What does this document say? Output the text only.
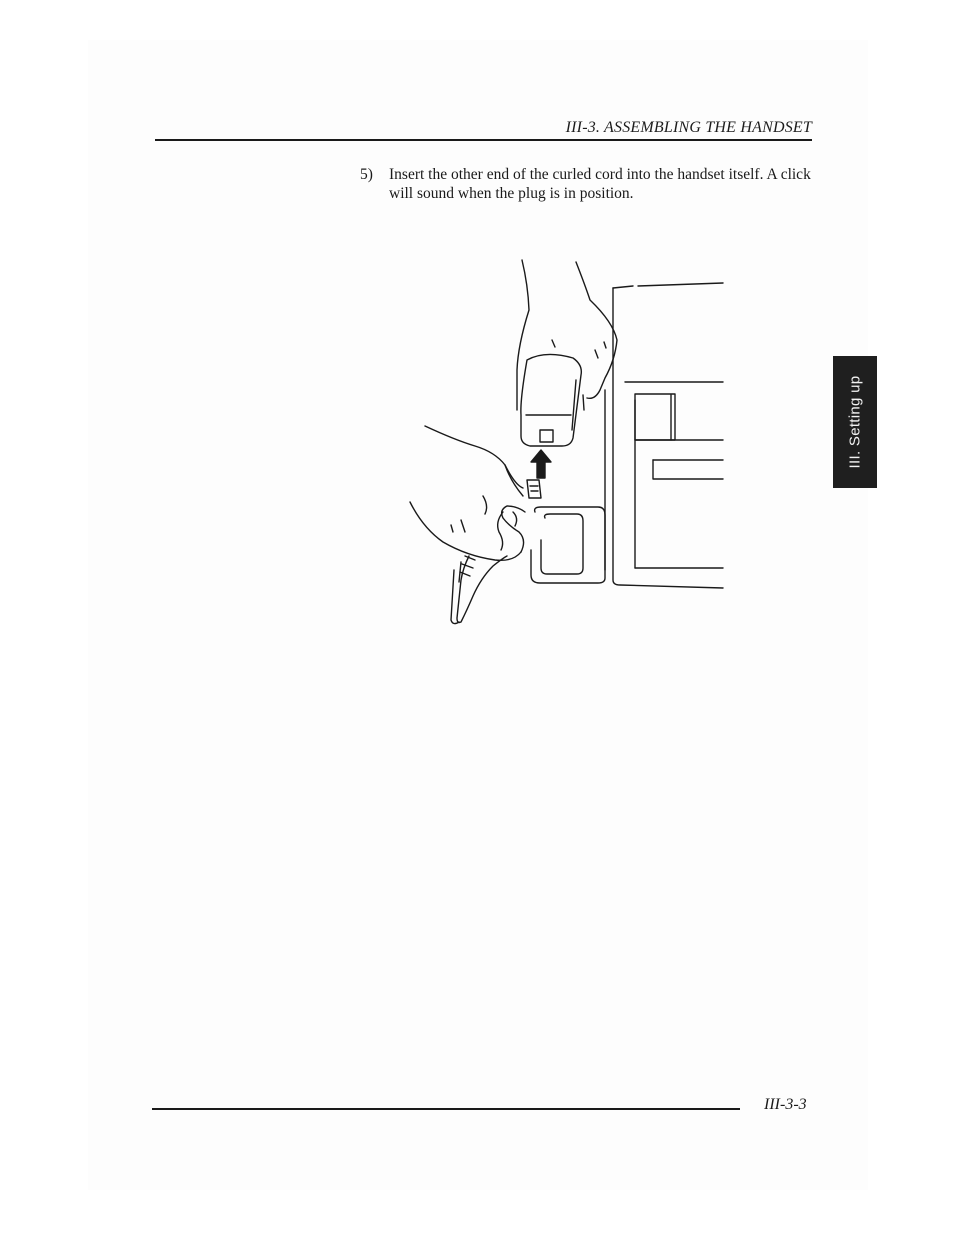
III-3. ASSEMBLING THE HANDSET
5)	Insert the other end of the curled cord into the handset itself. A click will sound when the plug is in position.
III. Setting up
III-3-3
